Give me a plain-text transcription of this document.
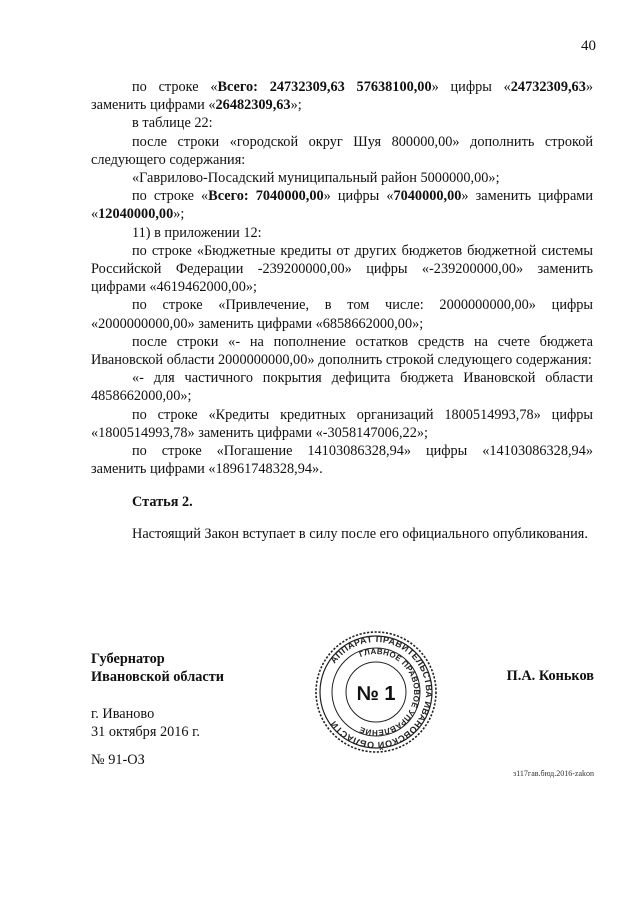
40

по строке «Всего: 24732309,63 57638100,00» цифры «24732309,63» заменить цифрами «26482309,63»;

в таблице 22:

после строки «городской округ Шуя 800000,00» дополнить строкой следующего содержания:

«Гаврилово-Посадский муниципальный район 5000000,00»;

по строке «Всего: 7040000,00» цифры «7040000,00» заменить цифрами «12040000,00»;

11) в приложении 12:

по строке «Бюджетные кредиты от других бюджетов бюджетной системы Российской Федерации -239200000,00» цифры «-239200000,00» заменить цифрами «4619462000,00»;

по строке «Привлечение, в том числе: 2000000000,00» цифры «2000000000,00» заменить цифрами «6858662000,00»;

после строки «- на пополнение остатков средств на счете бюджета Ивановской области 2000000000,00» дополнить строкой следующего содержания:

«- для частичного покрытия дефицита бюджета Ивановской области 4858662000,00»;

по строке «Кредиты кредитных организаций 1800514993,78» цифры «1800514993,78» заменить цифрами «-3058147006,22»;

по строке «Погашение 14103086328,94» цифры «14103086328,94» заменить цифрами «18961748328,94».

Статья 2.

Настоящий Закон вступает в силу после его официального опубликования.

Губернатор
Ивановской области
АППАРАТ ПРАВИТЕЛЬСТВА ИВАНОВСКОЙ ОБЛАСТИ
ГЛАВНОЕ ПРАВОВОЕ УПРАВЛЕНИЕ
№ 1
П.А. Коньков
г. Иваново
31 октября 2016 г.
№ 91-ОЗ
з117гав.бюд.2016-zakon
